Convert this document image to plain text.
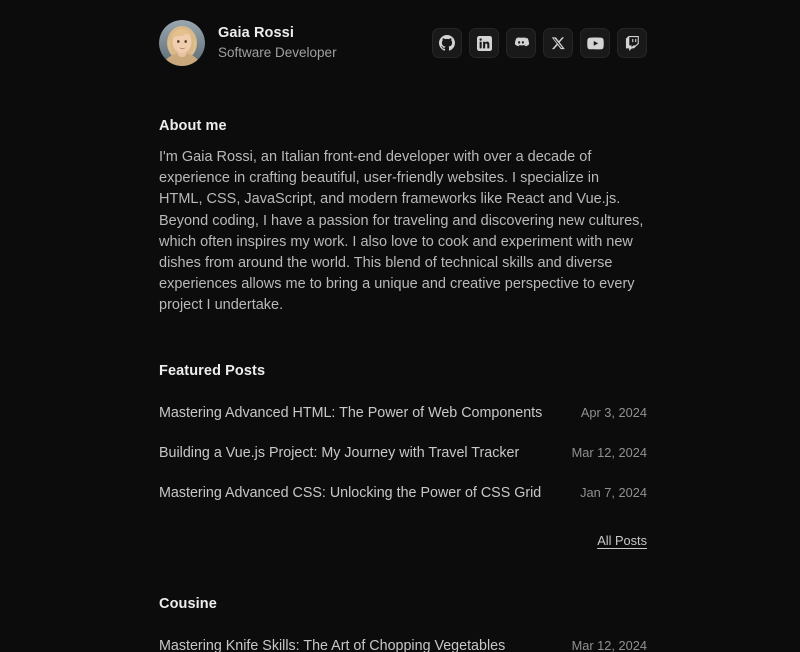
Gaia Rossi
Software Developer
About me
I'm Gaia Rossi, an Italian front-end developer with over a decade of experience in crafting beautiful, user-friendly websites. I specialize in HTML, CSS, JavaScript, and modern frameworks like React and Vue.js. Beyond coding, I have a passion for traveling and discovering new cultures, which often inspires my work. I also love to cook and experiment with new dishes from around the world. This blend of technical skills and diverse experiences allows me to bring a unique and creative perspective to every project I undertake.
Featured Posts
Mastering Advanced HTML: The Power of Web Components	Apr 3, 2024
Building a Vue.js Project: My Journey with Travel Tracker	Mar 12, 2024
Mastering Advanced CSS: Unlocking the Power of CSS Grid	Jan 7, 2024
All Posts
Cousine
Mastering Knife Skills: The Art of Chopping Vegetables	Mar 12, 2024
